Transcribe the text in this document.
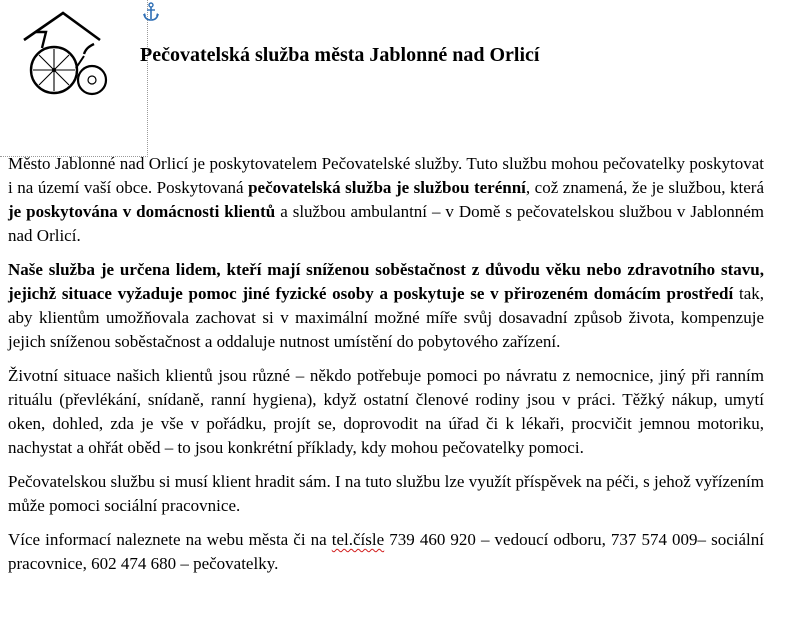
Pečovatelská služba města Jablonné nad Orlicí

Město Jablonné nad Orlicí je poskytovatelem Pečovatelské služby. Tuto službu mohou pečovatelky poskytovat i na území vaší obce. Poskytovaná pečovatelská služba je službou terénní, což znamená, že je službou, která je poskytována v domácnosti klientů a službou ambulantní – v Domě s pečovatelskou službou v Jablonném nad Orlicí.

Naše služba je určena lidem, kteří mají sníženou soběstačnost z důvodu věku nebo zdravotního stavu, jejichž situace vyžaduje pomoc jiné fyzické osoby a poskytuje se v přirozeném domácím prostředí tak, aby klientům umožňovala zachovat si v maximální možné míře svůj dosavadní způsob života, kompenzuje jejich sníženou soběstačnost a oddaluje nutnost umístění do pobytového zařízení.

Životní situace našich klientů jsou různé – někdo potřebuje pomoci po návratu z nemocnice, jiný při ranním rituálu (převlékání, snídaně, ranní hygiena), když ostatní členové rodiny jsou v práci. Těžký nákup, umytí oken, dohled, zda je vše v pořádku, projít se, doprovodit na úřad či k lékaři, procvičit jemnou motoriku, nachystat a ohřát oběd – to jsou konkrétní příklady, kdy mohou pečovatelky pomoci.

Pečovatelskou službu si musí klient hradit sám. I na tuto službu lze využít příspěvek na péči, s jehož vyřízením může pomoci sociální pracovnice.

Více informací naleznete na webu města či na tel.čísle 739 460 920 – vedoucí odboru, 737 574 009– sociální pracovnice, 602 474 680 – pečovatelky.
